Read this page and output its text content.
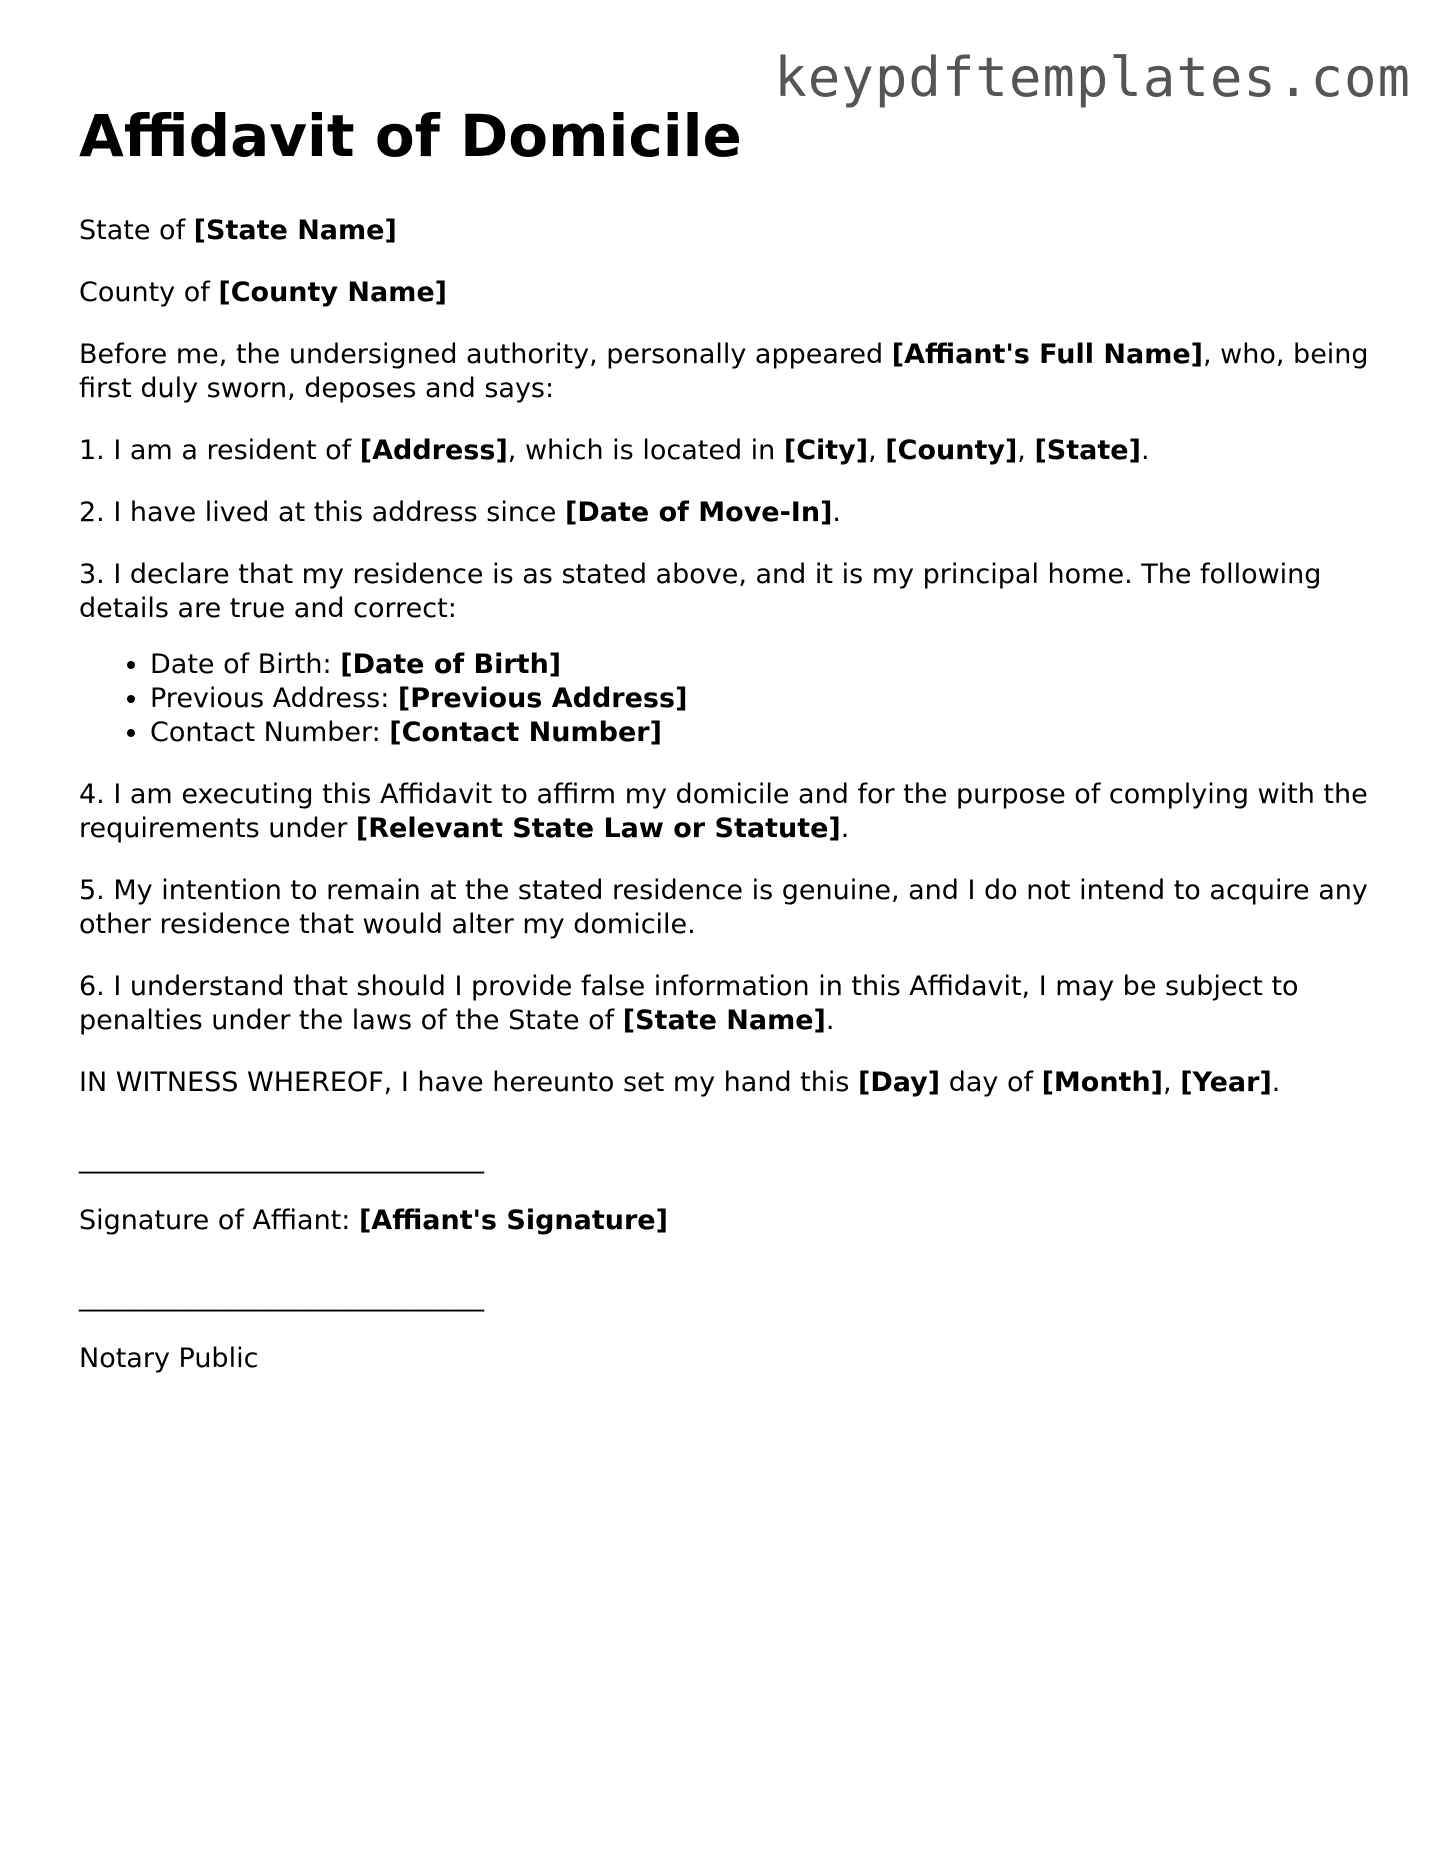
keypdftemplates.com
Affidavit of Domicile

State of [State Name]

County of [County Name]

Before me, the undersigned authority, personally appeared [Affiant's Full Name], who, being first duly sworn, deposes and says:

1. I am a resident of [Address], which is located in [City], [County], [State].

2. I have lived at this address since [Date of Move-In].

3. I declare that my residence is as stated above, and it is my principal home. The following details are true and correct:

• Date of Birth: [Date of Birth]
• Previous Address: [Previous Address]
• Contact Number: [Contact Number]

4. I am executing this Affidavit to affirm my domicile and for the purpose of complying with the requirements under [Relevant State Law or Statute].

5. My intention to remain at the stated residence is genuine, and I do not intend to acquire any other residence that would alter my domicile.

6. I understand that should I provide false information in this Affidavit, I may be subject to penalties under the laws of the State of [State Name].

IN WITNESS WHEREOF, I have hereunto set my hand this [Day] day of [Month], [Year].

______________________________

Signature of Affiant: [Affiant's Signature]

______________________________

Notary Public
